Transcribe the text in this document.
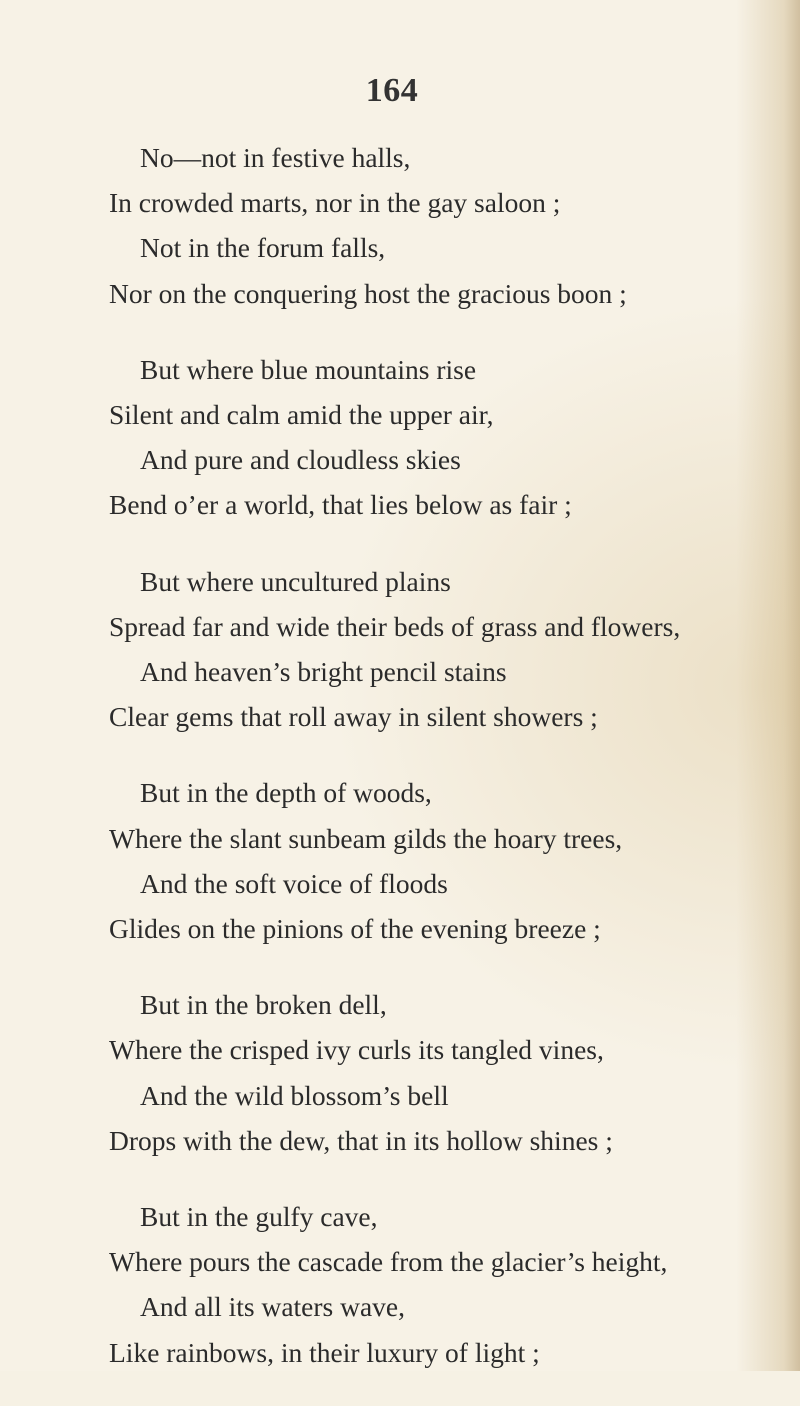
164
No—not in festive halls,
In crowded marts, nor in the gay saloon ;
Not in the forum falls,
Nor on the conquering host the gracious boon ;
But where blue mountains rise
Silent and calm amid the upper air,
And pure and cloudless skies
Bend o’er a world, that lies below as fair ;
But where uncultured plains
Spread far and wide their beds of grass and flowers,
And heaven’s bright pencil stains
Clear gems that roll away in silent showers ;
But in the depth of woods,
Where the slant sunbeam gilds the hoary trees,
And the soft voice of floods
Glides on the pinions of the evening breeze ;
But in the broken dell,
Where the crisped ivy curls its tangled vines,
And the wild blossom’s bell
Drops with the dew, that in its hollow shines ;
But in the gulfy cave,
Where pours the cascade from the glacier’s height,
And all its waters wave,
Like rainbows, in their luxury of light ;
